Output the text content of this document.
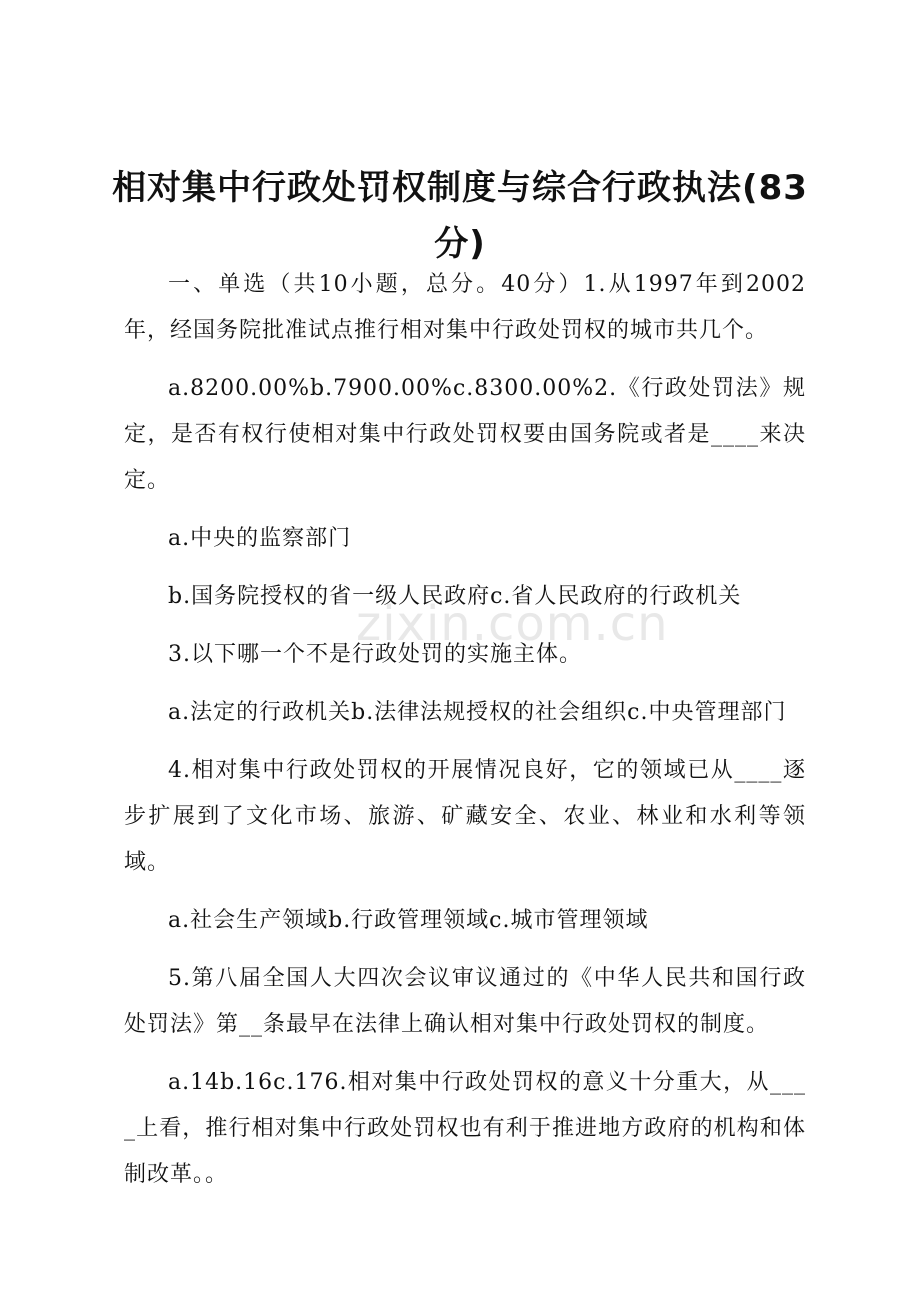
相对集中行政处罚权制度与综合行政执法(83分)

一、单选（共10小题，总分。40分）1.从1997年到2002年，经国务院批准试点推行相对集中行政处罚权的城市共几个。

a.8200.00%b.7900.00%c.8300.00%2.《行政处罚法》规定，是否有权行使相对集中行政处罚权要由国务院或者是____来决定。

a.中央的监察部门

b.国务院授权的省一级人民政府c.省人民政府的行政机关

3.以下哪一个不是行政处罚的实施主体。

a.法定的行政机关b.法律法规授权的社会组织c.中央管理部门

4.相对集中行政处罚权的开展情况良好，它的领域已从____逐步扩展到了文化市场、旅游、矿藏安全、农业、林业和水利等领域。

a.社会生产领域b.行政管理领域c.城市管理领域

5.第八届全国人大四次会议审议通过的《中华人民共和国行政处罚法》第__条最早在法律上确认相对集中行政处罚权的制度。

a.14b.16c.176.相对集中行政处罚权的意义十分重大，从____上看，推行相对集中行政处罚权也有利于推进地方政府的机构和体制改革。。

zixin.com.cn
